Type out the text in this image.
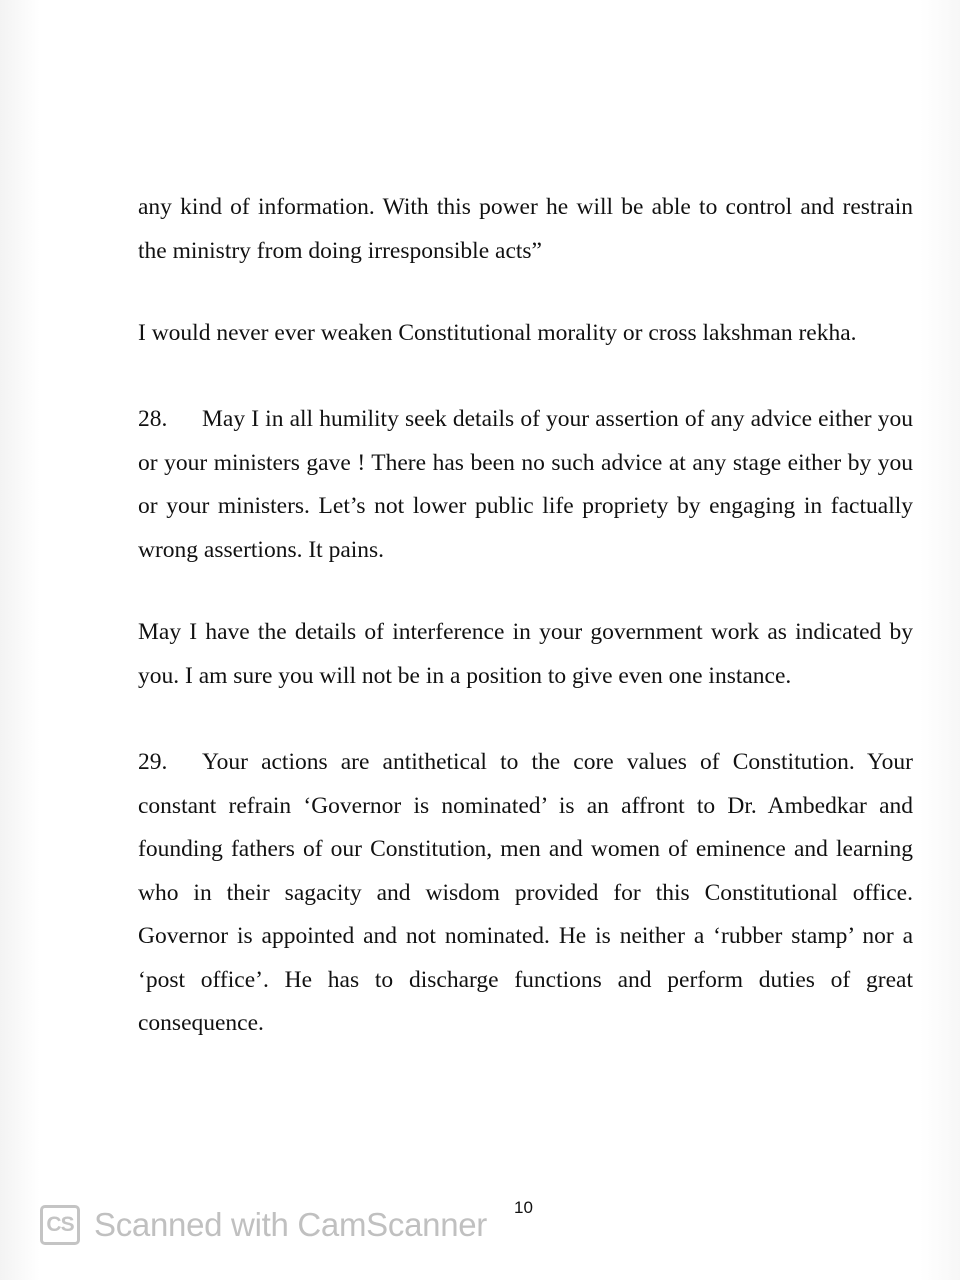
any kind of information. With this power he will be able to control and restrain the ministry from doing irresponsible acts”
I would never ever weaken Constitutional morality or cross lakshman rekha.
28. May I in all humility seek details of your assertion of any advice either you or your ministers gave ! There has been no such advice at any stage either by you or your ministers. Let’s not lower public life propriety by engaging in factually wrong assertions. It pains.
May I have the details of interference in your government work as indicated by you. I am sure you will not be in a position to give even one instance.
29. Your actions are antithetical to the core values of Constitution. Your constant refrain ‘Governor is nominated’ is an affront to Dr. Ambedkar and founding fathers of our Constitution, men and women of eminence and learning who in their sagacity and wisdom provided for this Constitutional office. Governor is appointed and not nominated. He is neither a ‘rubber stamp’ nor a ‘post office’. He has to discharge functions and perform duties of great consequence.
10
CS Scanned with CamScanner
